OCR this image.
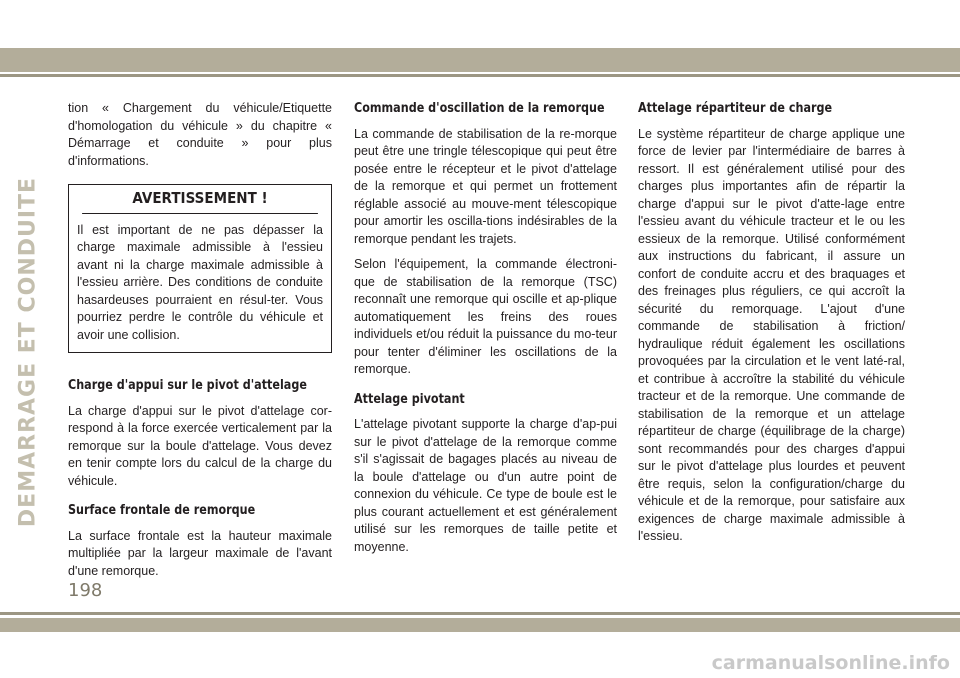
DEMARRAGE ET CONDUITE

tion « Chargement du véhicule/Etiquette d'homologation du véhicule » du chapitre « Démarrage et conduite » pour plus d'informations.

AVERTISSEMENT !

Il est important de ne pas dépasser la charge maximale admissible à l'essieu avant ni la charge maximale admissible à l'essieu arrière. Des conditions de conduite hasardeuses pourraient en résul-ter. Vous pourriez perdre le contrôle du véhicule et avoir une collision.

Charge d'appui sur le pivot d'attelage

La charge d'appui sur le pivot d'attelage cor-respond à la force exercée verticalement par la remorque sur la boule d'attelage. Vous devez en tenir compte lors du calcul de la charge du véhicule.

Surface frontale de remorque

La surface frontale est la hauteur maximale multipliée par la largeur maximale de l'avant d'une remorque.

Commande d'oscillation de la remorque

La commande de stabilisation de la re-morque peut être une tringle télescopique qui peut être posée entre le récepteur et le pivot d'attelage de la remorque et qui permet un frottement réglable associé au mouve-ment télescopique pour amortir les oscilla-tions indésirables de la remorque pendant les trajets.

Selon l'équipement, la commande électroni-que de stabilisation de la remorque (TSC) reconnaît une remorque qui oscille et ap-plique automatiquement les freins des roues individuels et/ou réduit la puissance du mo-teur pour tenter d'éliminer les oscillations de la remorque.

Attelage pivotant

L'attelage pivotant supporte la charge d'ap-pui sur le pivot d'attelage de la remorque comme s'il s'agissait de bagages placés au niveau de la boule d'attelage ou d'un autre point de connexion du véhicule. Ce type de boule est le plus courant actuellement et est généralement utilisé sur les remorques de taille petite et moyenne.

Attelage répartiteur de charge

Le système répartiteur de charge applique une force de levier par l'intermédiaire de barres à ressort. Il est généralement utilisé pour des charges plus importantes afin de répartir la charge d'appui sur le pivot d'atte-lage entre l'essieu avant du véhicule tracteur et le ou les essieux de la remorque. Utilisé conformément aux instructions du fabricant, il assure un confort de conduite accru et des braquages et des freinages plus réguliers, ce qui accroît la sécurité du remorquage. L'ajout d'une commande de stabilisation à friction/ hydraulique réduit également les oscillations provoquées par la circulation et le vent laté-ral, et contribue à accroître la stabilité du véhicule tracteur et de la remorque. Une commande de stabilisation de la remorque et un attelage répartiteur de charge (équilibrage de la charge) sont recommandés pour des charges d'appui sur le pivot d'attelage plus lourdes et peuvent être requis, selon la configuration/charge du véhicule et de la remorque, pour satisfaire aux exigences de charge maximale admissible à l'essieu.

198
carmanualsonline.info
